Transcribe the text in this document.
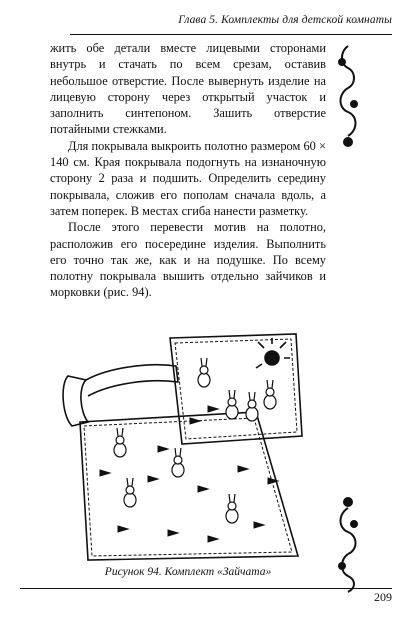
Глава 5. Комплекты для детской комнаты

жить обе детали вместе лицевыми сторонами внутрь и стачать по всем срезам, оставив небольшое отверстие. После вывернуть изделие на лицевую сторону через открытый участок и заполнить синтепоном. Зашить отверстие потайными стежками.

Для покрывала выкроить полотно размером 60 × 140 см. Края покрывала подогнуть на изнаночную сторону 2 раза и подшить. Определить середину покрывала, сложив его пополам сначала вдоль, а затем поперек. В местах сгиба нанести разметку.

После этого перевести мотив на полотно, расположив его посередине изделия. Выполнить его точно так же, как и на подушке. По всему полотну покрывала вышить отдельно зайчиков и морковки (рис. 94).

Рисунок 94. Комплект «Зайчата»
209
